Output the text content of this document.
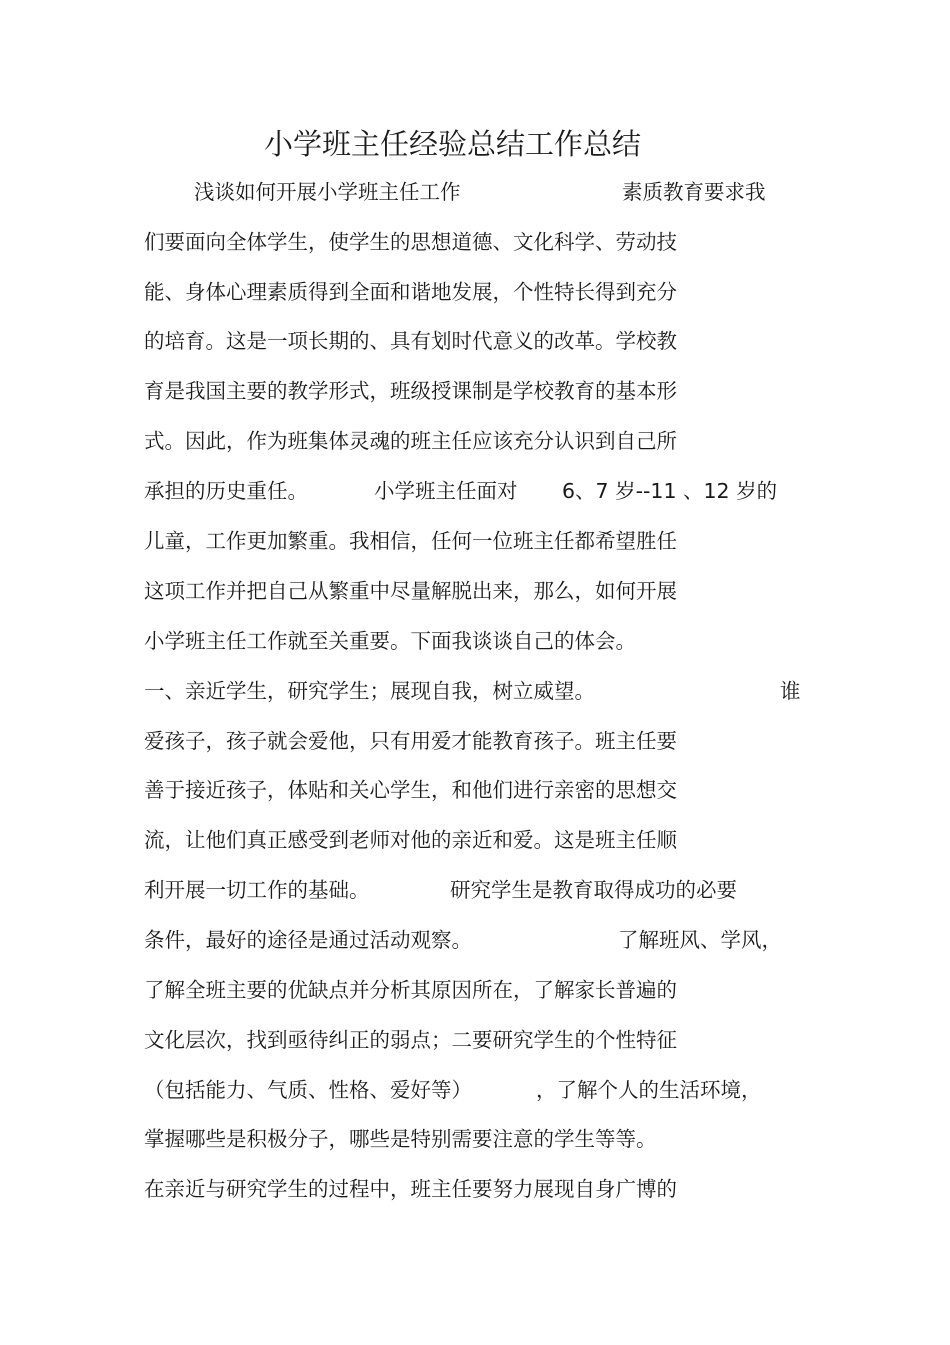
小学班主任经验总结工作总结
浅谈如何开展小学班主任工作	素质教育要求我
们要面向全体学生，使学生的思想道德、文化科学、劳动技
能、身体心理素质得到全面和谐地发展，个性特长得到充分
的培育。这是一项长期的、具有划时代意义的改革。学校教
育是我国主要的教学形式，班级授课制是学校教育的基本形
式。因此，作为班集体灵魂的班主任应该充分认识到自己所
承担的历史重任。	小学班主任面对 6、7 岁--11 、12 岁的
儿童，工作更加繁重。我相信，任何一位班主任都希望胜任
这项工作并把自己从繁重中尽量解脱出来，那么，如何开展
小学班主任工作就至关重要。下面我谈谈自己的体会。
一、亲近学生，研究学生；展现自我，树立威望。	谁
爱孩子，孩子就会爱他，只有用爱才能教育孩子。班主任要
善于接近孩子，体贴和关心学生，和他们进行亲密的思想交
流，让他们真正感受到老师对他的亲近和爱。这是班主任顺
利开展一切工作的基础。	研究学生是教育取得成功的必要
条件，最好的途径是通过活动观察。	了解班风、学风，
了解全班主要的优缺点并分析其原因所在，了解家长普遍的
文化层次，找到亟待纠正的弱点；二要研究学生的个性特征
（包括能力、气质、性格、爱好等）	，了解个人的生活环境，
掌握哪些是积极分子，哪些是特别需要注意的学生等等。
在亲近与研究学生的过程中，班主任要努力展现自身广博的
